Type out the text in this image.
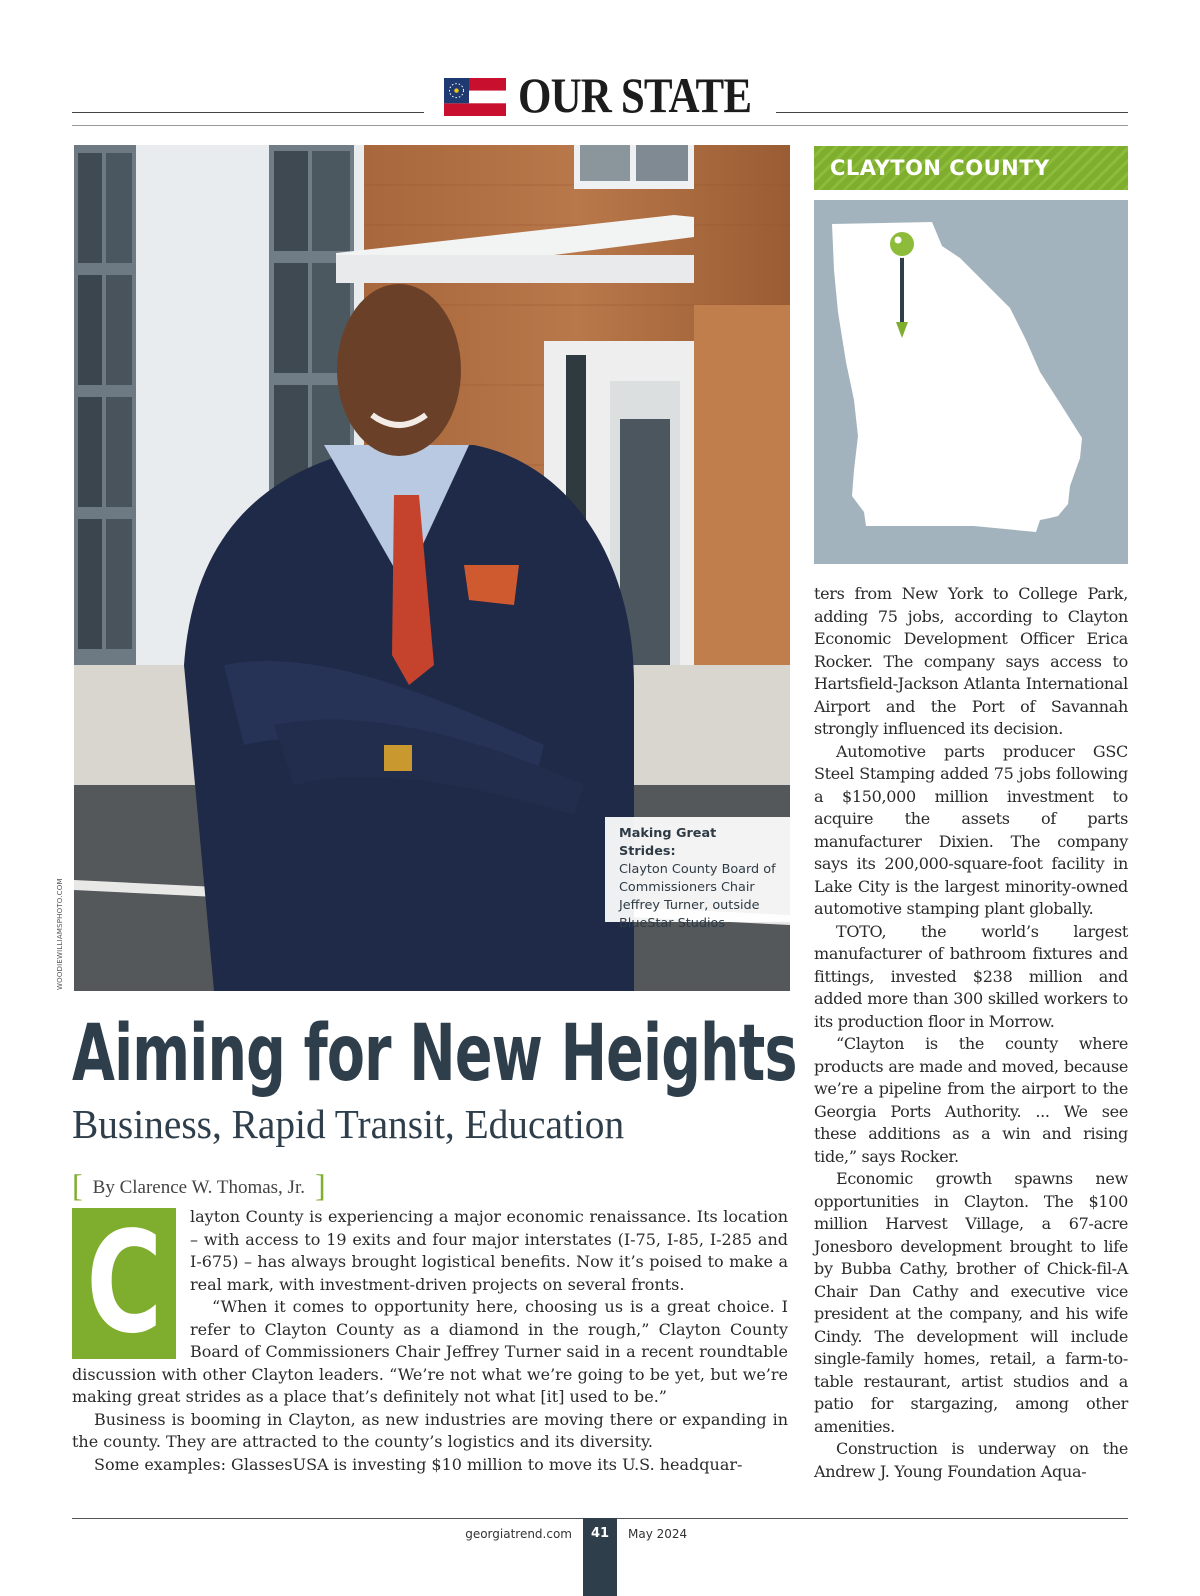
OUR STATE
Making Great Strides:
Clayton County Board of Commissioners Chair Jeffrey Turner, outside BlueStar Studios
WOODIEWILLIAMSPHOTO.COM
CLAYTON COUNTY
Aiming for New Heights
Business, Rapid Transit, Education
[ By Clarence W. Thomas, Jr. ]
C	layton County is experiencing a major economic renaissance. Its location – with access to 19 exits and four major interstates (I-75, I-85, I-285 and I-675) – has always brought logistical benefits. Now it’s poised to make a real mark, with investment-driven projects on several fronts.

“When it comes to opportunity here, choosing us is a great choice. I refer to Clayton County as a diamond in the rough,” Clayton County Board of Commissioners Chair Jeffrey Turner said in a recent roundtable discussion with other Clayton leaders. “We’re not what we’re going to be yet, but we’re making great strides as a place that’s definitely not what [it] used to be.”

Business is booming in Clayton, as new industries are moving there or expanding in the county. They are attracted to the county’s logistics and its diversity.

Some examples: GlassesUSA is investing $10 million to move its U.S. headquar-

ters from New York to College Park, adding 75 jobs, according to Clayton Economic Development Officer Erica Rocker. The company says access to Hartsfield-Jackson Atlanta International Airport and the Port of Savannah strongly influenced its decision.

Automotive parts producer GSC Steel Stamping added 75 jobs following a $150,000 million investment to acquire the assets of parts manufacturer Dixien. The company says its 200,000-square-foot facility in Lake City is the largest minority-owned automotive stamping plant globally.

TOTO, the world’s largest manufacturer of bathroom fixtures and fittings, invested $238 million and added more than 300 skilled workers to its production floor in Morrow.

“Clayton is the county where products are made and moved, because we’re a pipeline from the airport to the Georgia Ports Authority. ... We see these additions as a win and rising tide,” says Rocker.

Economic growth spawns new opportunities in Clayton. The $100 million Harvest Village, a 67-acre Jonesboro development brought to life by Bubba Cathy, brother of Chick-fil-A Chair Dan Cathy and executive vice president at the company, and his wife Cindy. The development will include single-family homes, retail, a farm-to-table restaurant, artist studios and a patio for stargazing, among other amenities.

Construction is underway on the Andrew J. Young Foundation Aqua-

georgiatrend.com	41	May 2024
